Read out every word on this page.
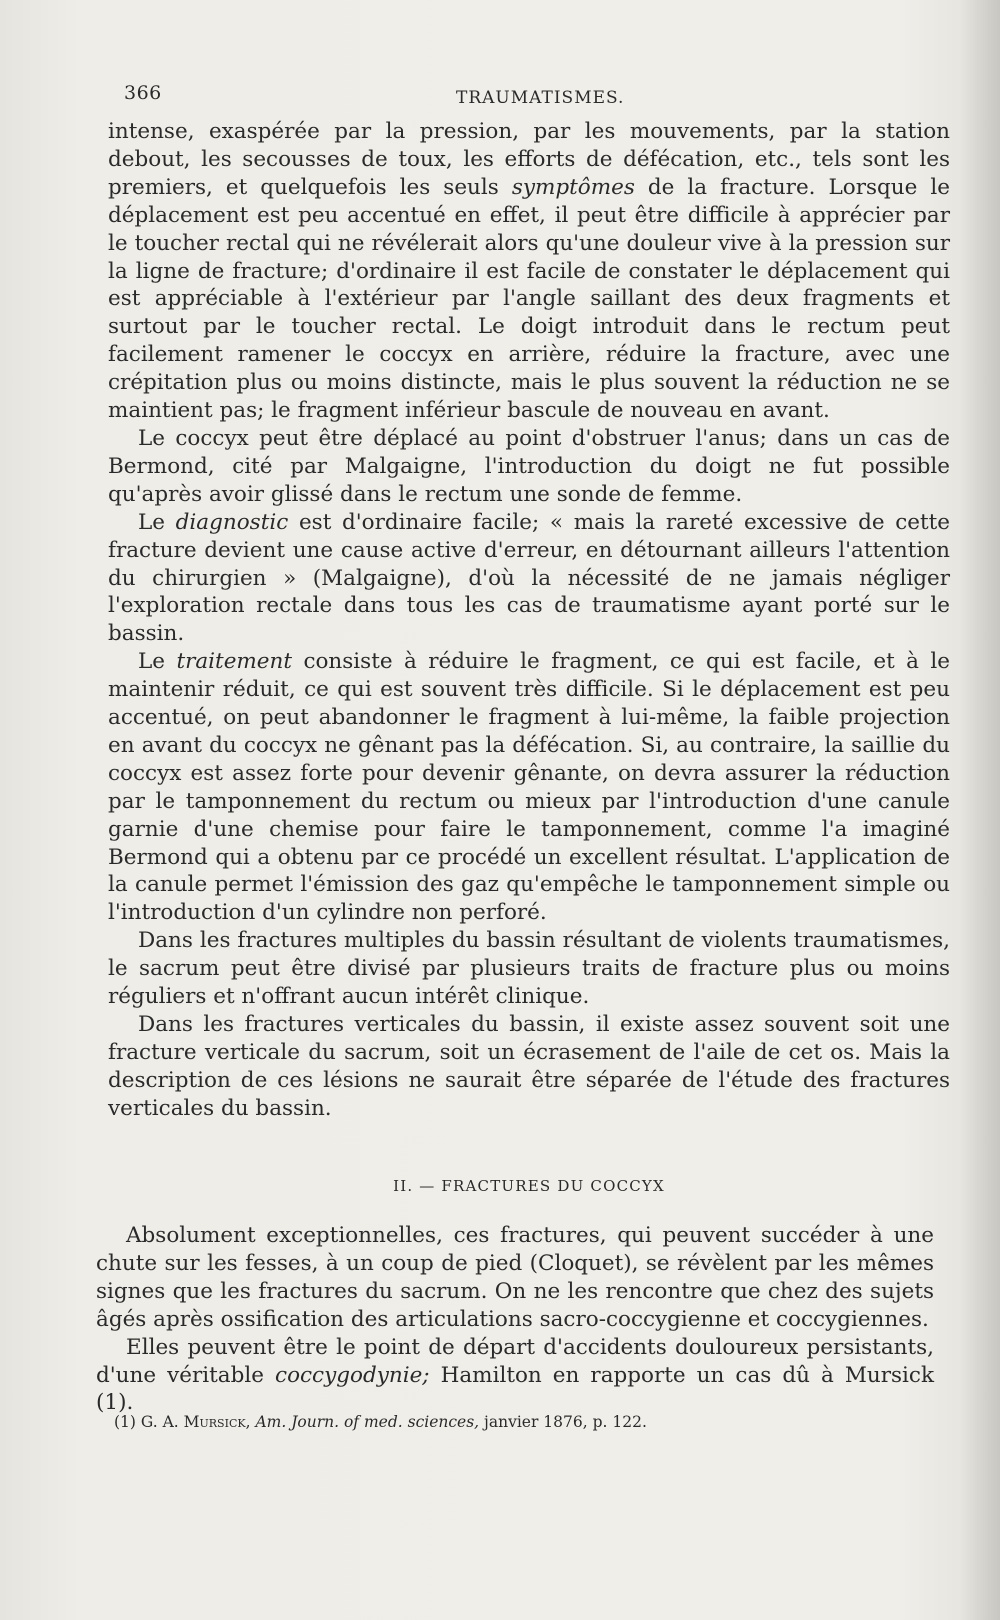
366	TRAUMATISMES.

intense, exaspérée par la pression, par les mouvements, par la station debout, les secousses de toux, les efforts de défécation, etc., tels sont les premiers, et quelquefois les seuls symptômes de la fracture. Lorsque le déplacement est peu accentué en effet, il peut être difficile à apprécier par le toucher rectal qui ne révélerait alors qu'une douleur vive à la pression sur la ligne de fracture; d'ordinaire il est facile de constater le déplacement qui est appréciable à l'extérieur par l'angle saillant des deux fragments et surtout par le toucher rectal. Le doigt introduit dans le rectum peut facilement ramener le coccyx en arrière, réduire la fracture, avec une crépitation plus ou moins distincte, mais le plus souvent la réduction ne se maintient pas; le fragment inférieur bascule de nouveau en avant.

Le coccyx peut être déplacé au point d'obstruer l'anus; dans un cas de Bermond, cité par Malgaigne, l'introduction du doigt ne fut possible qu'après avoir glissé dans le rectum une sonde de femme.

Le diagnostic est d'ordinaire facile; « mais la rareté excessive de cette fracture devient une cause active d'erreur, en détournant ailleurs l'attention du chirurgien » (Malgaigne), d'où la nécessité de ne jamais négliger l'exploration rectale dans tous les cas de traumatisme ayant porté sur le bassin.

Le traitement consiste à réduire le fragment, ce qui est facile, et à le maintenir réduit, ce qui est souvent très difficile. Si le déplacement est peu accentué, on peut abandonner le fragment à lui-même, la faible projection en avant du coccyx ne gênant pas la défécation. Si, au contraire, la saillie du coccyx est assez forte pour devenir gênante, on devra assurer la réduction par le tamponnement du rectum ou mieux par l'introduction d'une canule garnie d'une chemise pour faire le tamponnement, comme l'a imaginé Bermond qui a obtenu par ce procédé un excellent résultat. L'application de la canule permet l'émission des gaz qu'empêche le tamponnement simple ou l'introduction d'un cylindre non perforé.

Dans les fractures multiples du bassin résultant de violents traumatismes, le sacrum peut être divisé par plusieurs traits de fracture plus ou moins réguliers et n'offrant aucun intérêt clinique.

Dans les fractures verticales du bassin, il existe assez souvent soit une fracture verticale du sacrum, soit un écrasement de l'aile de cet os. Mais la description de ces lésions ne saurait être séparée de l'étude des fractures verticales du bassin.

II. — FRACTURES DU COCCYX

Absolument exceptionnelles, ces fractures, qui peuvent succéder à une chute sur les fesses, à un coup de pied (Cloquet), se révèlent par les mêmes signes que les fractures du sacrum. On ne les rencontre que chez des sujets âgés après ossification des articulations sacro-coccygienne et coccygiennes.

Elles peuvent être le point de départ d'accidents douloureux persistants, d'une véritable coccygodynie; Hamilton en rapporte un cas dû à Mursick (1).

(1) G. A. Mursick, Am. Journ. of med. sciences, janvier 1876, p. 122.
